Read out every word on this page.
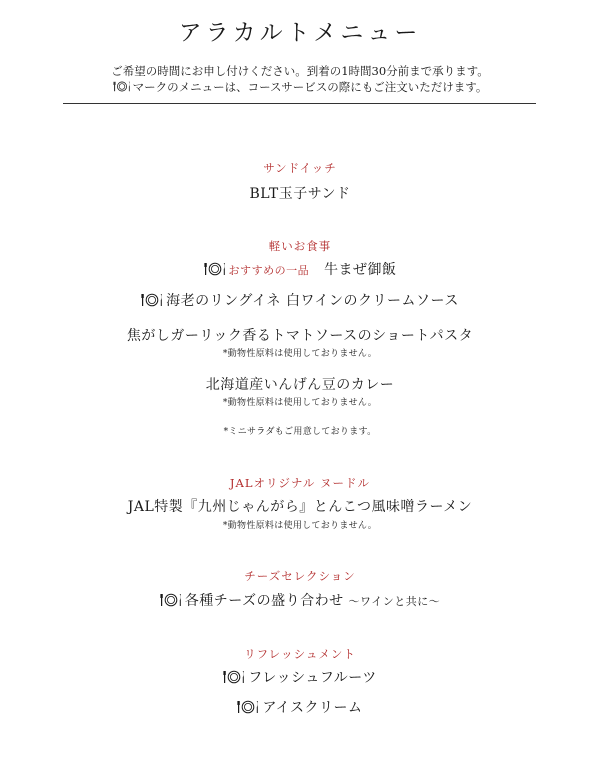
アラカルトメニュー
ご希望の時間にお申し付けください。到着の1時間30分前まで承ります。
マークのメニューは、コースサービスの際にもご注文いただけます。
サンドイッチ
BLT玉子サンド
軽いお食事
おすすめの一品 牛まぜ御飯
海老のリングイネ 白ワインのクリームソース
焦がしガーリック香るトマトソースのショートパスタ
*動物性原料は使用しておりません。
北海道産いんげん豆のカレー
*動物性原料は使用しておりません。
*ミニサラダもご用意しております。
JALオリジナル ヌードル
JAL特製『九州じゃんがら』とんこつ風味噌ラーメン
*動物性原料は使用しておりません。
チーズセレクション
各種チーズの盛り合わせ ～ワインと共に～
リフレッシュメント
フレッシュフルーツ
アイスクリーム
